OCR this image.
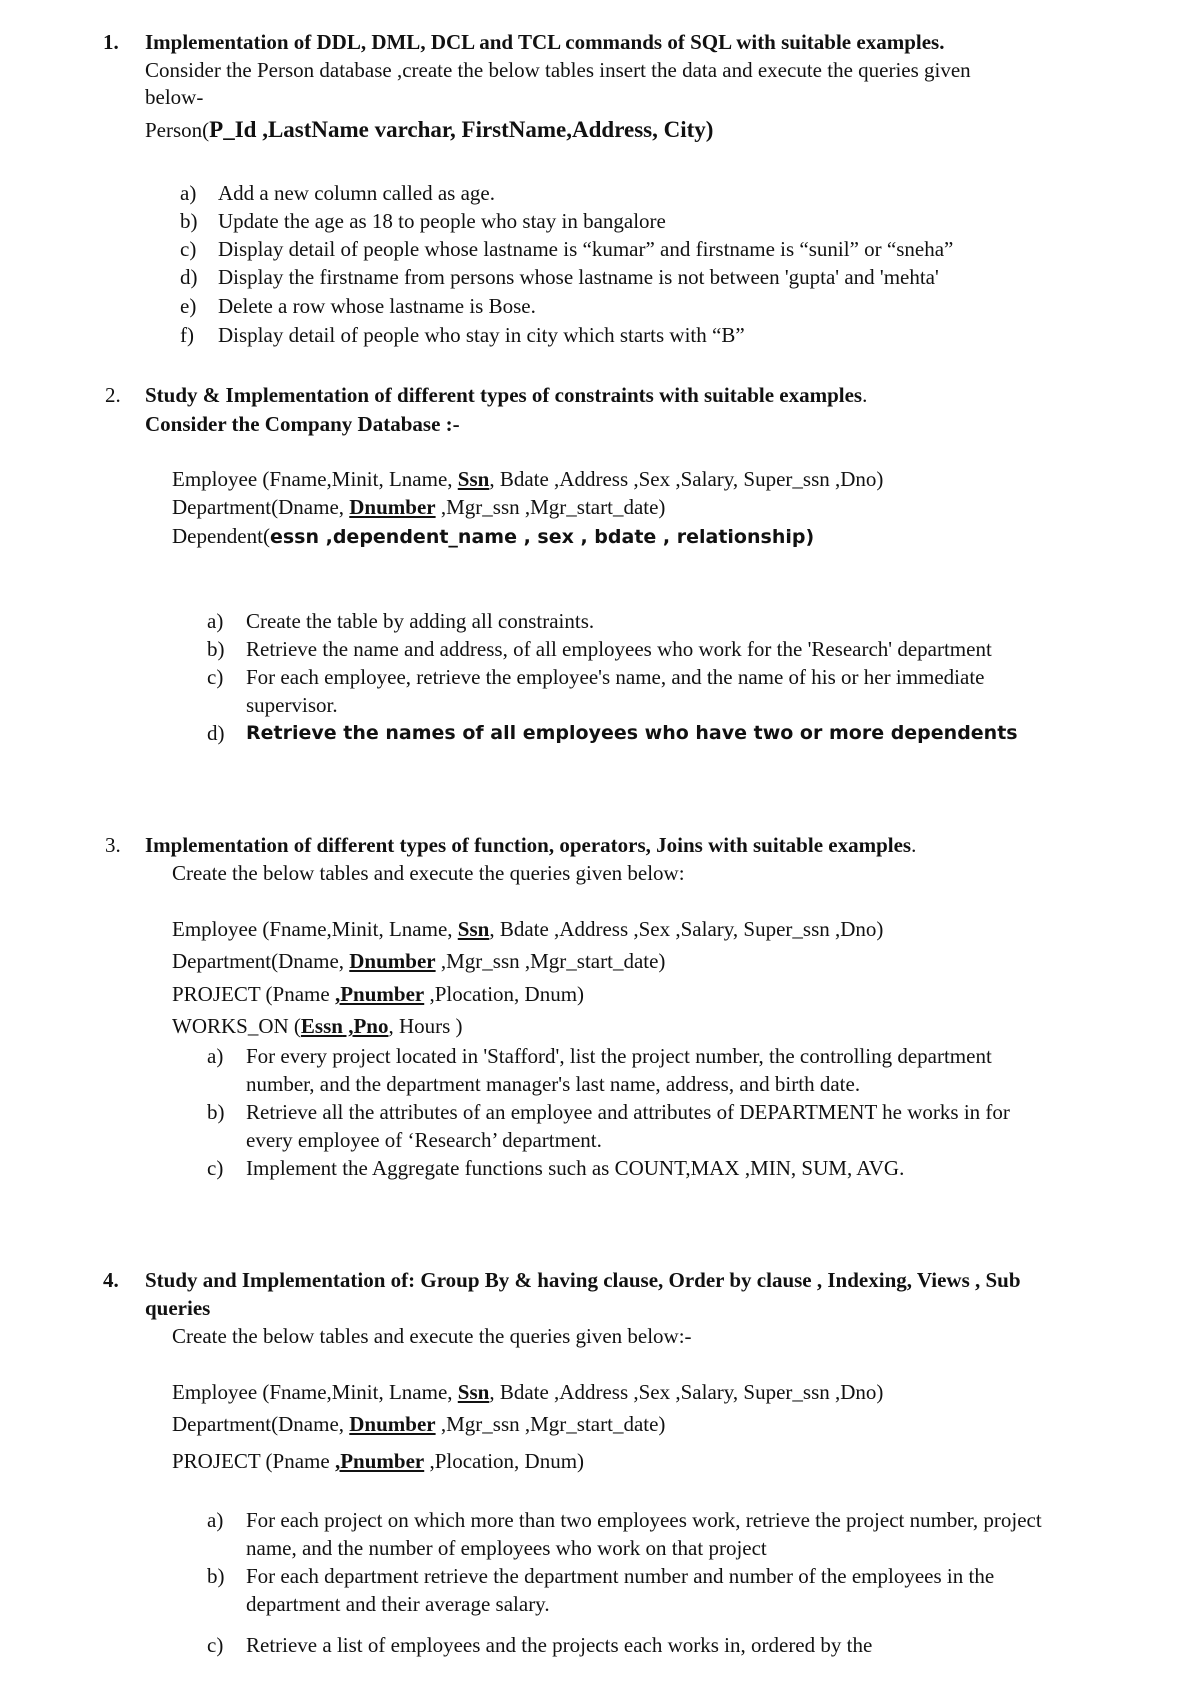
1. Implementation of DDL, DML, DCL and TCL commands of SQL with suitable examples.
Consider the Person database ,create the below tables insert the data and execute the queries given
below-
Person(P_Id ,LastName varchar, FirstName,Address, City)
a) Add a new column called as age.
b) Update the age as 18 to people who stay in bangalore
c) Display detail of people whose lastname is “kumar” and firstname is “sunil” or “sneha”
d) Display the firstname from persons whose lastname is not between 'gupta' and 'mehta'
e) Delete a row whose lastname is Bose.
f) Display detail of people who stay in city which starts with “B”
2. Study & Implementation of different types of constraints with suitable examples.
Consider the Company Database :-
Employee (Fname,Minit, Lname, Ssn, Bdate ,Address ,Sex ,Salary, Super_ssn ,Dno)
Department(Dname, Dnumber ,Mgr_ssn ,Mgr_start_date)
Dependent(essn ,dependent_name , sex , bdate , relationship)
a) Create the table by adding all constraints.
b) Retrieve the name and address, of all employees who work for the 'Research' department
c) For each employee, retrieve the employee's name, and the name of his or her immediate
supervisor.
d) Retrieve the names of all employees who have two or more dependents
3. Implementation of different types of function, operators, Joins with suitable examples.
Create the below tables and execute the queries given below:
Employee (Fname,Minit, Lname, Ssn, Bdate ,Address ,Sex ,Salary, Super_ssn ,Dno)
Department(Dname, Dnumber ,Mgr_ssn ,Mgr_start_date)
PROJECT (Pname ,Pnumber ,Plocation, Dnum)
WORKS_ON (Essn ,Pno, Hours )
a) For every project located in 'Stafford', list the project number, the controlling department
number, and the department manager's last name, address, and birth date.
b) Retrieve all the attributes of an employee and attributes of DEPARTMENT he works in for
every employee of ‘Research’ department.
c) Implement the Aggregate functions such as COUNT,MAX ,MIN, SUM, AVG.
4. Study and Implementation of: Group By & having clause, Order by clause , Indexing, Views , Sub
queries
Create the below tables and execute the queries given below:-
Employee (Fname,Minit, Lname, Ssn, Bdate ,Address ,Sex ,Salary, Super_ssn ,Dno)
Department(Dname, Dnumber ,Mgr_ssn ,Mgr_start_date)
PROJECT (Pname ,Pnumber ,Plocation, Dnum)
a) For each project on which more than two employees work, retrieve the project number, project
name, and the number of employees who work on that project
b) For each department retrieve the department number and number of the employees in the
department and their average salary.
c) Retrieve a list of employees and the projects each works in, ordered by the
